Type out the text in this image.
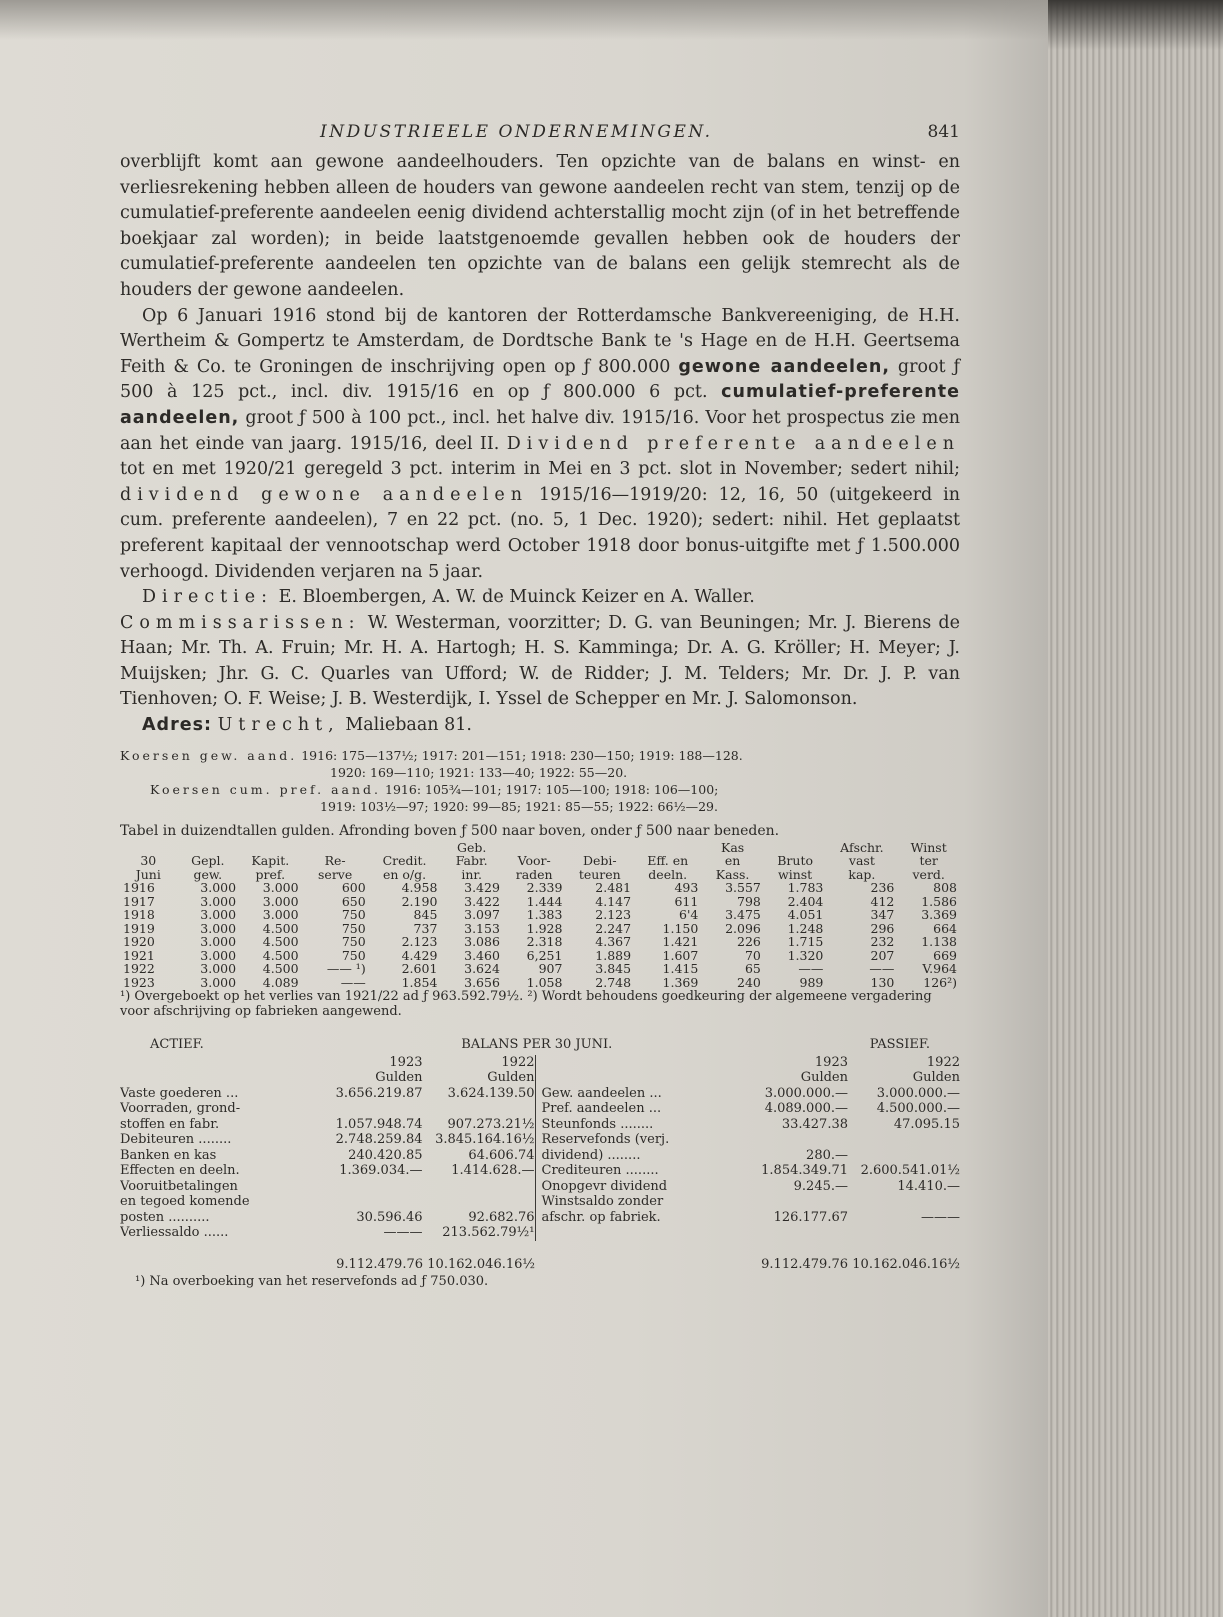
INDUSTRIEELE ONDERNEMINGEN.	841

overblijft komt aan gewone aandeelhouders. Ten opzichte van de balans en winst- en verliesrekening hebben alleen de houders van gewone aandeelen recht van stem, tenzij op de cumulatief-preferente aandeelen eenig dividend achterstallig mocht zijn (of in het betreffende boekjaar zal worden); in beide laatstgenoemde gevallen hebben ook de houders der cumulatief-preferente aandeelen ten opzichte van de balans een gelijk stemrecht als de houders der gewone aandeelen.

Op 6 Januari 1916 stond bij de kantoren der Rotterdamsche Bankvereeniging, de H.H. Wertheim & Gompertz te Amsterdam, de Dordtsche Bank te 's Hage en de H.H. Geertsema Feith & Co. te Groningen de inschrijving open op ƒ 800.000 gewone aandeelen, groot ƒ 500 à 125 pct., incl. div. 1915/16 en op ƒ 800.000 6 pct. cumulatief-preferente aandeelen, groot ƒ 500 à 100 pct., incl. het halve div. 1915/16. Voor het prospectus zie men aan het einde van jaarg. 1915/16, deel II. Dividend preferente aandeelen tot en met 1920/21 geregeld 3 pct. interim in Mei en 3 pct. slot in November; sedert nihil; dividend gewone aandeelen 1915/16—1919/20: 12, 16, 50 (uitgekeerd in cum. preferente aandeelen), 7 en 22 pct. (no. 5, 1 Dec. 1920); sedert: nihil. Het geplaatst preferent kapitaal der vennootschap werd October 1918 door bonus-uitgifte met ƒ 1.500.000 verhoogd. Dividenden verjaren na 5 jaar.

Directie: E. Bloembergen, A. W. de Muinck Keizer en A. Waller.

Commissarissen: W. Westerman, voorzitter; D. G. van Beuningen; Mr. J. Bierens de Haan; Mr. Th. A. Fruin; Mr. H. A. Hartogh; H. S. Kamminga; Dr. A. G. Kröller; H. Meyer; J. Muijsken; Jhr. G. C. Quarles van Ufford; W. de Ridder; J. M. Telders; Mr. Dr. J. P. van Tienhoven; O. F. Weise; J. B. Westerdijk, I. Yssel de Schepper en Mr. J. Salomonson.

Adres: Utrecht, Maliebaan 81.

Koersen gew. aand. 1916: 175—137½; 1917: 201—151; 1918: 230—150; 1919: 188—128.
1920: 169—110; 1921: 133—40; 1922: 55—20.
Koersen cum. pref. aand. 1916: 105¾—101; 1917: 105—100; 1918: 106—100;
1919: 103½—97; 1920: 99—85; 1921: 85—55; 1922: 66½—29.

Tabel in duizendtallen gulden. Afronding boven ƒ 500 naar boven, onder ƒ 500 naar beneden.

					Geb.				Kas		Afschr.	Winst
30	Gepl.	Kapit.	Re-	Credit.	Fabr.	Voor-	Debi-	Eff. en	en	Bruto	vast	ter
Juni	gew.	pref.	serve	en o/g.	inr.	raden	teuren	deeln.	Kass.	winst	kap.	verd.
1916	3.000	3.000	600	4.958	3.429	2.339	2.481	493	3.557	1.783	236	808
1917	3.000	3.000	650	2.190	3.422	1.444	4.147	611	798	2.404	412	1.586
1918	3.000	3.000	750	845	3.097	1.383	2.123	6'4	3.475	4.051	347	3.369
1919	3.000	4.500	750	737	3.153	1.928	2.247	1.150	2.096	1.248	296	664
1920	3.000	4.500	750	2.123	3.086	2.318	4.367	1.421	226	1.715	232	1.138
1921	3.000	4.500	750	4.429	3.460	6,251	1.889	1.607	70	1.320	207	669
1922	3.000	4.500	—— ¹)	2.601	3.624	907	3.845	1.415	65	——	——	V.964
1923	3.000	4.089	——	1.854	3.656	1.058	2.748	1.369	240	989	130	126²)

¹) Overgeboekt op het verlies van 1921/22 ad ƒ 963.592.79½. ²) Wordt behoudens goedkeuring der algemeene vergadering voor afschrijving op fabrieken aangewend.

ACTIEF.	BALANS PER 30 JUNI.	PASSIEF.
1923	1922
Gulden	Gulden
Vaste goederen ...	3.656.219.87	3.624.139.50
Voorraden, grond-
stoffen en fabr.	1.057.948.74	907.273.21½
Debiteuren ........	2.748.259.84 3.845.164.16½
Banken en kas	240.420.85	64.606.74
Effecten en deeln.	1.369.034.—	1.414.628.—
Vooruitbetalingen
en tegoed komende
posten ..........	30.596.46	92.682.76
Verliessaldo ......	———	213.562.79½¹
1923	1922
Gulden	Gulden
Gew. aandeelen ...	3.000.000.—	3.000.000.—
Pref. aandeelen ...	4.089.000.—	4.500.000.—
Steunfonds ........	33.427.38	47.095.15
Reservefonds (verj.
dividend) ........	280.—
Crediteuren ........	1.854.349.71 2.600.541.01½
Onopgevr dividend	9.245.—	14.410.—
Winstsaldo zonder
afschr. op fabriek.	126.177.67	———
9.112.479.76 10.162.046.16½	9.112.479.76 10.162.046.16½
¹) Na overboeking van het reservefonds ad ƒ 750.030.
